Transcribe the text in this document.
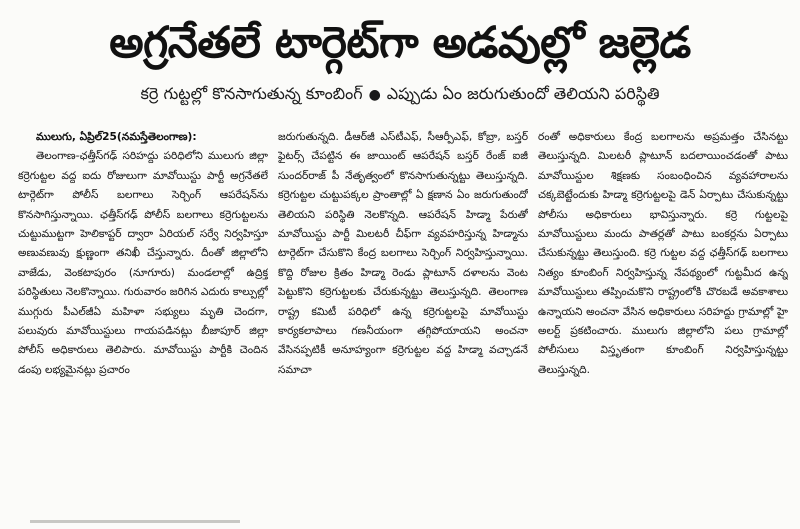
అగ్రనేతలే టార్గెట్‌గా అడవుల్లో జల్లెడ
కర్రె గుట్టల్లో కొనసాగుతున్న కూంబింగ్ ● ఎప్పుడు ఏం జరుగుతుందో తెలియని పరిస్థితి

ములుగు, ఏప్రిల్25(నమస్తేతెలంగాణ):

తెలంగాణ-ఛత్తీస్‌గఢ్ సరిహద్దు పరిధిలోని ములుగు జిల్లా కర్రెగుట్టల వద్ద ఐదు రోజులుగా మావోయిస్టు పార్టీ అగ్రనేతలే టార్గెట్‌గా పోలీస్ బలగాలు సెర్చింగ్ ఆపరేషన్‌ను కొనసాగిస్తున్నాయి. ఛత్తీస్‌గఢ్ పోలీస్ బలగాలు కర్రెగుట్టలను చుట్టుముట్టగా హెలికాప్టర్ ద్వారా ఏరియల్ సర్వే నిర్వహిస్తూ అణువణువు క్షుణ్ణంగా తనిఖీ చేస్తున్నారు. దీంతో జిల్లాలోని వాజేడు, వెంకటాపురం (నూగూరు) మండలాల్లో ఉద్రిక్త పరిస్థితులు నెలకొన్నాయి. గురువారం జరిగిన ఎదురు కాల్పుల్లో ముగ్గురు పీఎల్‌జీఏ మహిళా సభ్యులు మృతి చెందగా, పలువురు మావోయిస్టులు గాయపడినట్లు బీజాపూర్ జిల్లా పోలీస్ అధికారులు తెలిపారు. మావోయిస్టు పార్టీకి చెందిన డంపు లభ్యమైనట్లు ప్రచారం

జరుగుతున్నది. డీఆర్‌జీ ఎస్‌టీఎఫ్, సీఆర్పీఎఫ్, కోబ్రా, బస్తర్ ఫైటర్స్ చేపట్టిన ఈ జాయింట్ ఆపరేషన్ బస్తర్ రేంజ్ ఐజీ సుందర్‌రాజ్ పీ నేతృత్వంలో కొనసాగుతున్నట్టు తెలుస్తున్నది. కర్రెగుట్టల చుట్టుపక్కల ప్రాంతాల్లో ఏ క్షణాన ఏం జరుగుతుందో తెలియని పరిస్థితి నెలకొన్నది. ఆపరేషన్ హిడ్మా పేరుతో మావోయిస్టు పార్టీ మిలటరీ చీఫ్‌గా వ్యవహరిస్తున్న హిడ్మాను టార్గెట్‌గా చేసుకొని కేంద్ర బలగాలు సెర్చింగ్ నిర్వహిస్తున్నాయి. కొద్ది రోజుల క్రితం హిడ్మా రెండు ప్లాటూన్ దళాలను వెంట పెట్టుకొని కర్రెగుట్టలకు చేరుకున్నట్టు తెలుస్తున్నది. తెలంగాణ రాష్ట్ర కమిటీ పరిధిలో ఉన్న కర్రెగుట్టలపై మావోయిస్టు కార్యకలాపాలు గణనీయంగా తగ్గిపోయాయని అంచనా వేసినప్పటికీ అనూహ్యంగా కర్రెగుట్టల వద్ద హిడ్మా వచ్చాడనే సమాచా

రంతో అధికారులు కేంద్ర బలగాలను అప్రమత్తం చేసినట్టు తెలుస్తున్నది. మిలటరీ ప్లాటూన్ బదలాయించడంతో పాటు మావోయిస్టుల శిక్షణకు సంబంధించిన వ్యవహారాలను చక్కబెట్టేందుకు హిడ్మా కర్రెగుట్టలపై డెన్ ఏర్పాటు చేసుకున్నట్టు పోలీసు అధికారులు భావిస్తున్నారు. కర్రె గుట్టలపై మావోయిస్టులు మందు పాతర్లతో పాటు బంకర్లను ఏర్పాటు చేసుకున్నట్టు తెలుస్తుంది. కర్రె గుట్టల వద్ద ఛత్తీస్‌గఢ్ బలగాలు నిత్యం కూంబింగ్ నిర్వహిస్తున్న నేపథ్యంలో గుట్టమీద ఉన్న మావోయిస్టులు తప్పించుకొని రాష్ట్రంలోకి చొరబడే అవకాశాలు ఉన్నాయని అంచనా వేసిన అధికారులు సరిహద్దు గ్రామాల్లో హై అలర్ట్ ప్రకటించారు. ములుగు జిల్లాలోని పలు గ్రామాల్లో పోలీసులు విస్తృతంగా కూంబింగ్ నిర్వహిస్తున్నట్టు తెలుస్తున్నది.
